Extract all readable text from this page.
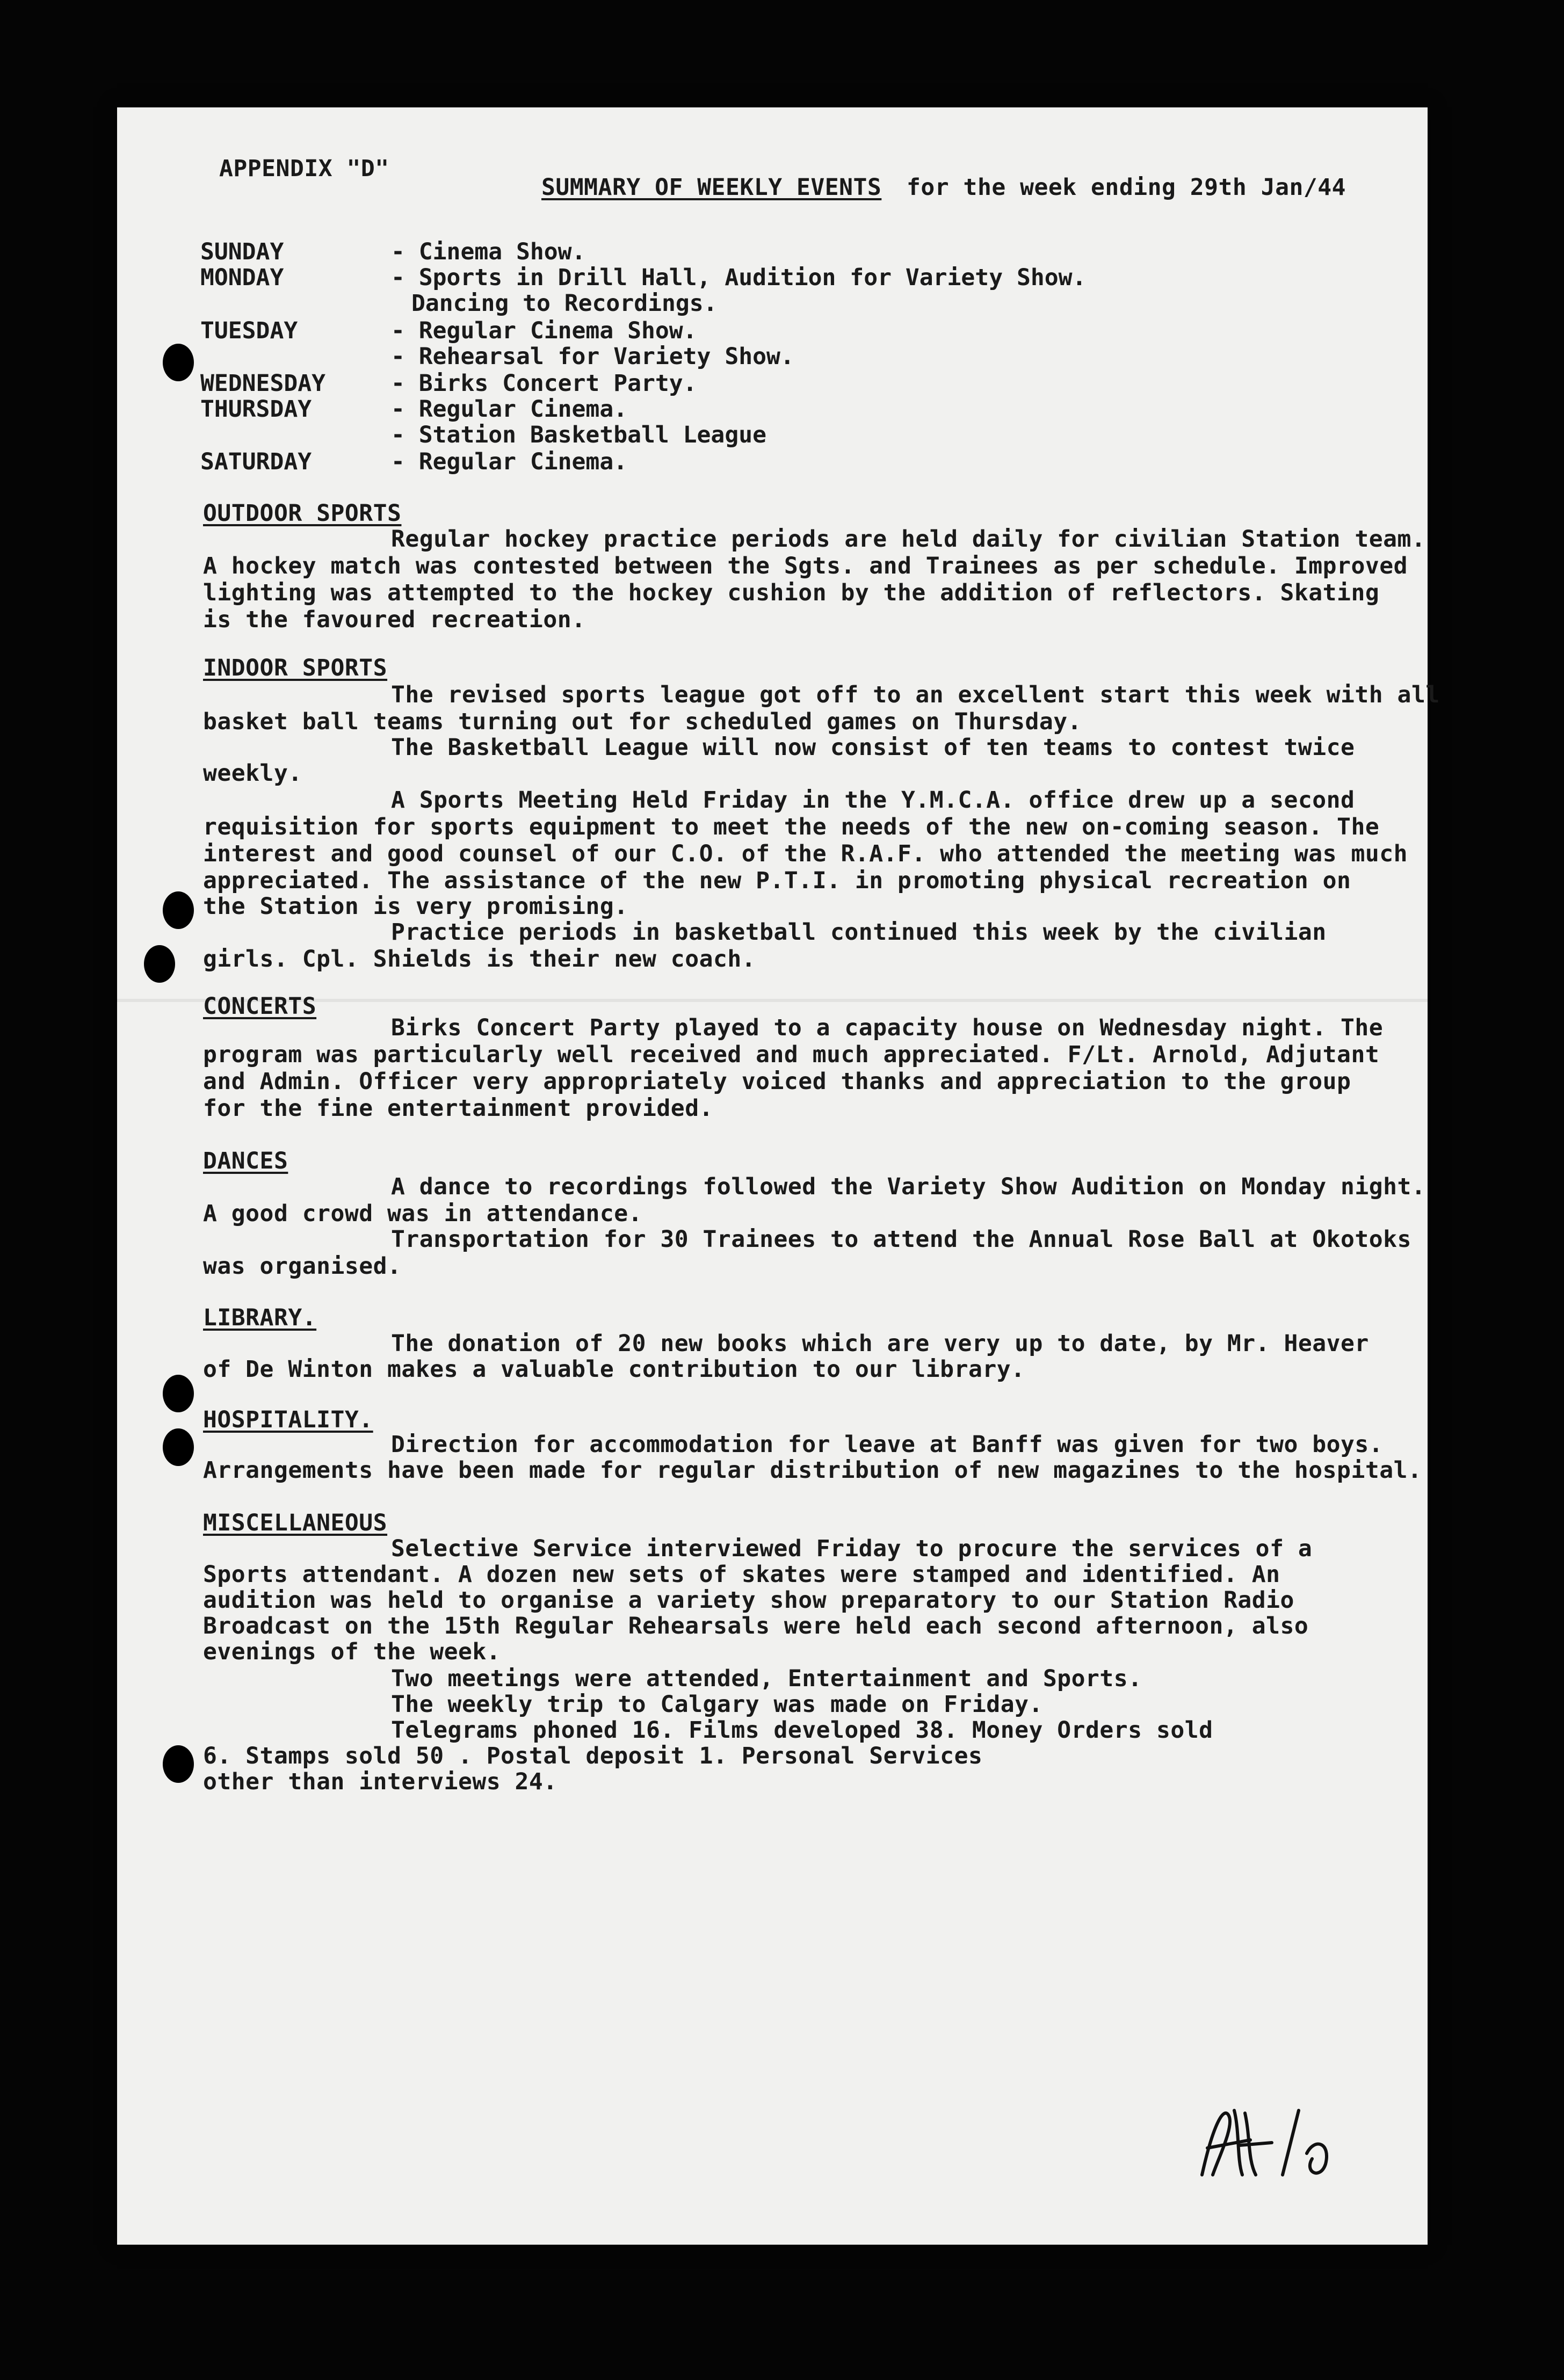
APPENDIX "D"
SUMMARY OF WEEKLY EVENTS for the week ending 29th Jan/44
SUNDAY	- Cinema Show.
MONDAY	- Sports in Drill Hall, Audition for Variety Show.
Dancing to Recordings.
TUESDAY	- Regular Cinema Show.
- Rehearsal for Variety Show.
WEDNESDAY	- Birks Concert Party.
THURSDAY	- Regular Cinema.
- Station Basketball League
SATURDAY	- Regular Cinema.
OUTDOOR SPORTS
Regular hockey practice periods are held daily for civilian Station team.
A hockey match was contested between the Sgts. and Trainees as per schedule. Improved
lighting was attempted to the hockey cushion by the addition of reflectors. Skating
is the favoured recreation.
INDOOR SPORTS
The revised sports league got off to an excellent start this week with all
basket ball teams turning out for scheduled games on Thursday.
The Basketball League will now consist of ten teams to contest twice
weekly.
A Sports Meeting Held Friday in the Y.M.C.A. office drew up a second
requisition for sports equipment to meet the needs of the new on-coming season. The
interest and good counsel of our C.O. of the R.A.F. who attended the meeting was much
appreciated. The assistance of the new P.T.I. in promoting physical recreation on
the Station is very promising.
Practice periods in basketball continued this week by the civilian
girls. Cpl. Shields is their new coach.
CONCERTS
Birks Concert Party played to a capacity house on Wednesday night. The
program was particularly well received and much appreciated. F/Lt. Arnold, Adjutant
and Admin. Officer very appropriately voiced thanks and appreciation to the group
for the fine entertainment provided.
DANCES
A dance to recordings followed the Variety Show Audition on Monday night.
A good crowd was in attendance.
Transportation for 30 Trainees to attend the Annual Rose Ball at Okotoks
was organised.
LIBRARY.
The donation of 20 new books which are very up to date, by Mr. Heaver
of De Winton makes a valuable contribution to our library.
HOSPITALITY.
Direction for accommodation for leave at Banff was given for two boys.
Arrangements have been made for regular distribution of new magazines to the hospital.
MISCELLANEOUS
Selective Service interviewed Friday to procure the services of a
Sports attendant. A dozen new sets of skates were stamped and identified. An
audition was held to organise a variety show preparatory to our Station Radio
Broadcast on the 15th Regular Rehearsals were held each second afternoon, also
evenings of the week.
Two meetings were attended, Entertainment and Sports.
The weekly trip to Calgary was made on Friday.
Telegrams phoned 16. Films developed 38. Money Orders sold
6. Stamps sold 50 . Postal deposit 1. Personal Services
other than interviews 24.
